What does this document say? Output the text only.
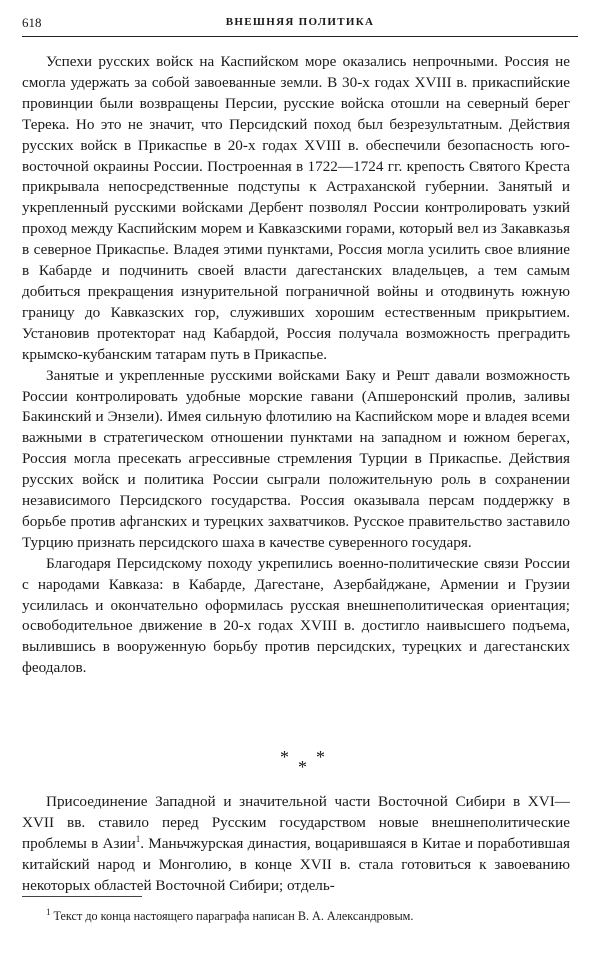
618	ВНЕШНЯЯ ПОЛИТИКА

Успехи русских войск на Каспийском море оказались непрочными. Россия не смогла удержать за собой завоеванные земли. В 30-х годах XVIII в. прикаспийские провинции были возвращены Персии, русские войска отошли на северный берег Терека. Но это не значит, что Персидский поход был безрезультатным. Действия русских войск в Прикаспье в 20-х годах XVIII в. обеспечили безопасность юго-восточной окраины России. Построенная в 1722—1724 гг. крепость Святого Креста прикрывала непосредственные подступы к Астраханской губернии. Занятый и укрепленный русскими войсками Дербент позволял России контролировать узкий проход между Каспийским морем и Кавказскими горами, который вел из Закавказья в северное Прикаспье. Владея этими пунктами, Россия могла усилить свое влияние в Кабарде и подчинить своей власти дагестанских владельцев, а тем самым добиться прекращения изнурительной пограничной войны и отодвинуть южную границу до Кавказских гор, служивших хорошим естественным прикрытием. Установив протекторат над Кабардой, Россия получала возможность преградить крымско-кубанским татарам путь в Прикаспье.

Занятые и укрепленные русскими войсками Баку и Решт давали возможность России контролировать удобные морские гавани (Апшеронский пролив, заливы Бакинский и Энзели). Имея сильную флотилию на Каспийском море и владея всеми важными в стратегическом отношении пунктами на западном и южном берегах, Россия могла пресекать агрессивные стремления Турции в Прикаспье. Действия русских войск и политика России сыграли положительную роль в сохранении независимого Персидского государства. Россия оказывала персам поддержку в борьбе против афганских и турецких захватчиков. Русское правительство заставило Турцию признать персидского шаха в качестве суверенного государя.

Благодаря Персидскому походу укрепились военно-политические связи России с народами Кавказа: в Кабарде, Дагестане, Азербайджане, Армении и Грузии усилилась и окончательно оформилась русская внешнеполитическая ориентация; освободительное движение в 20-х годах XVIII в. достигло наивысшего подъема, вылившись в вооруженную борьбу против персидских, турецких и дагестанских феодалов.

* * *

Присоединение Западной и значительной части Восточной Сибири в XVI—XVII вв. ставило перед Русским государством новые внешнеполитические проблемы в Азии$^1$. Маньчжурская династия, воцарившаяся в Китае и поработившая китайский народ и Монголию, в конце XVII в. стала готовиться к завоеванию некоторых областей Восточной Сибири; отдель-

$^1$ Текст до конца настоящего параграфа написан В. А. Александровым.
